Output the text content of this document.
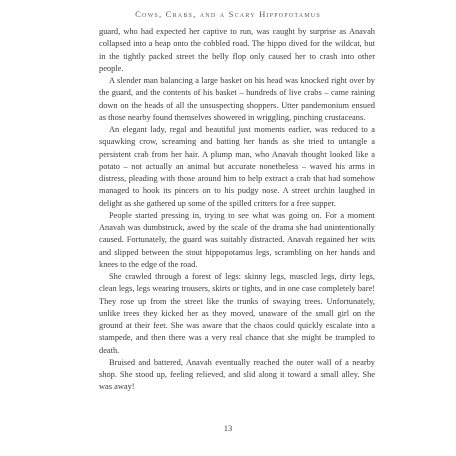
Cows, Crabs, and a Scary Hippopotamus

guard, who had expected her captive to run, was caught by surprise as Anavah collapsed into a heap onto the cobbled road. The hippo dived for the wildcat, but in the tightly packed street the belly flop only caused her to crash into other people.

A slender man balancing a large basket on his head was knocked right over by the guard, and the contents of his basket – hundreds of live crabs – came raining down on the heads of all the unsuspecting shoppers. Utter pandemonium ensued as those nearby found themselves showered in wriggling, pinching crustaceans.

An elegant lady, regal and beautiful just moments earlier, was reduced to a squawking crow, screaming and batting her hands as she tried to untangle a persistent crab from her hair. A plump man, who Anavah thought looked like a potato – not actually an animal but accurate nonetheless – waved his arms in distress, pleading with those around him to help extract a crab that had somehow managed to hook its pincers on to his pudgy nose. A street urchin laughed in delight as she gathered up some of the spilled critters for a free supper.

People started pressing in, trying to see what was going on. For a moment Anavah was dumbstruck, awed by the scale of the drama she had unintentionally caused. Fortunately, the guard was suitably distracted. Anavah regained her wits and slipped between the stout hippopotamus legs, scrambling on her hands and knees to the edge of the road.

She crawled through a forest of legs: skinny legs, muscled legs, dirty legs, clean legs, legs wearing trousers, skirts or tights, and in one case completely bare! They rose up from the street like the trunks of swaying trees. Unfortunately, unlike trees they kicked her as they moved, unaware of the small girl on the ground at their feet. She was aware that the chaos could quickly escalate into a stampede, and then there was a very real chance that she might be trampled to death.

Bruised and battered, Anavah eventually reached the outer wall of a nearby shop. She stood up, feeling relieved, and slid along it toward a small alley. She was away!

13
